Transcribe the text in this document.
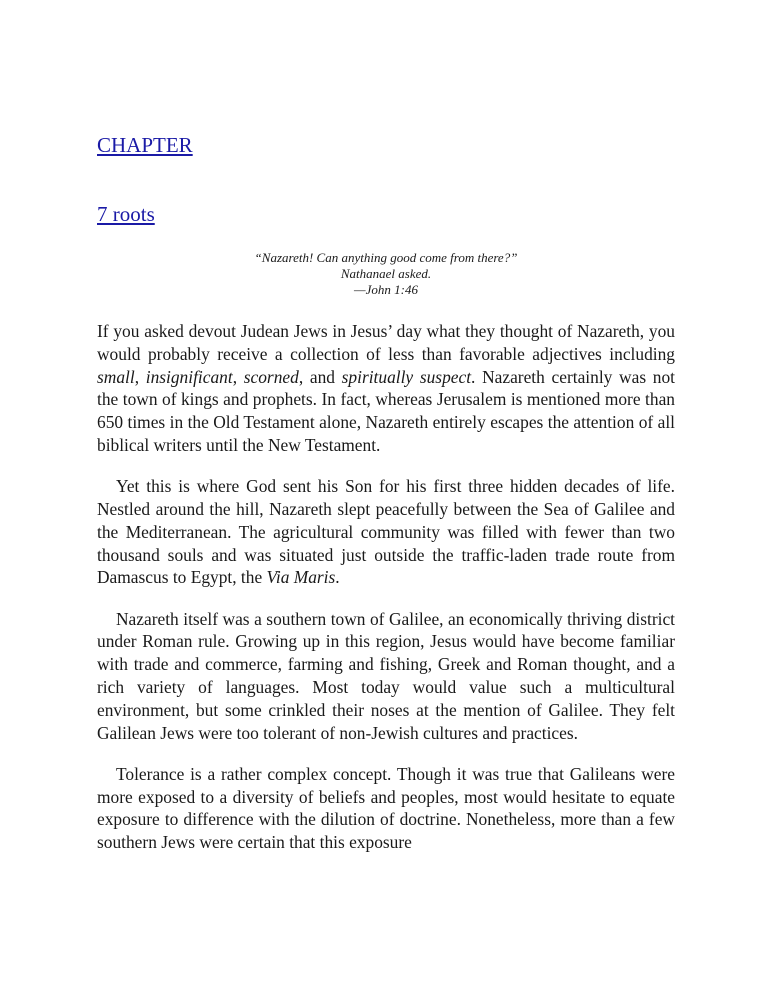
CHAPTER
7 roots
“Nazareth! Can anything good come from there?”
Nathanael asked.
—John 1:46

If you asked devout Judean Jews in Jesus’ day what they thought of Nazareth, you would probably receive a collection of less than favorable adjectives including small, insignificant, scorned, and spiritually suspect. Nazareth certainly was not the town of kings and prophets. In fact, whereas Jerusalem is mentioned more than 650 times in the Old Testament alone, Nazareth entirely escapes the attention of all biblical writers until the New Testament.

Yet this is where God sent his Son for his first three hidden decades of life. Nestled around the hill, Nazareth slept peacefully between the Sea of Galilee and the Mediterranean. The agricultural community was filled with fewer than two thousand souls and was situated just outside the traffic-laden trade route from Damascus to Egypt, the Via Maris.

Nazareth itself was a southern town of Galilee, an economically thriving district under Roman rule. Growing up in this region, Jesus would have become familiar with trade and commerce, farming and fishing, Greek and Roman thought, and a rich variety of languages. Most today would value such a multicultural environment, but some crinkled their noses at the mention of Galilee. They felt Galilean Jews were too tolerant of non-Jewish cultures and practices.

Tolerance is a rather complex concept. Though it was true that Galileans were more exposed to a diversity of beliefs and peoples, most would hesitate to equate exposure to difference with the dilution of doctrine. Nonetheless, more than a few southern Jews were certain that this exposure
